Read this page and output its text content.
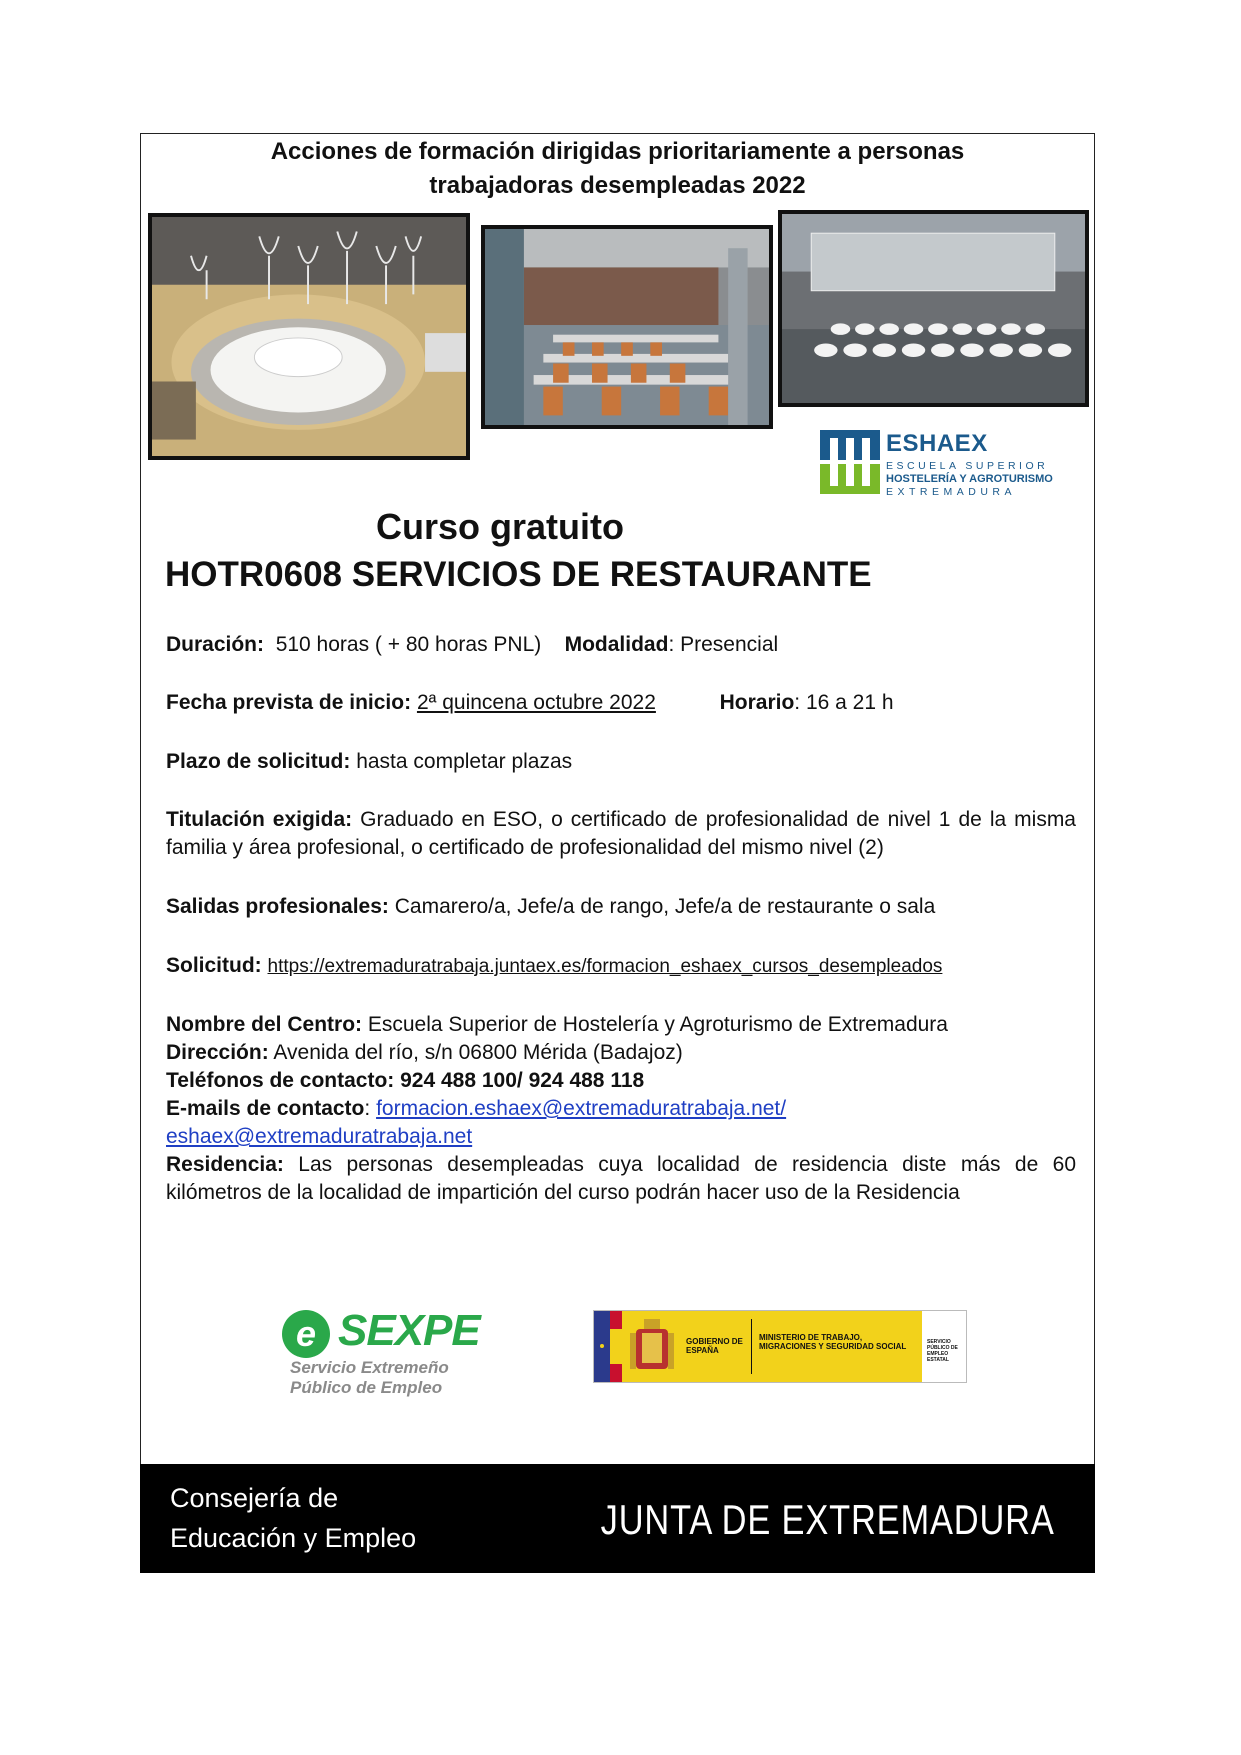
Acciones de formación dirigidas prioritariamente a personas
trabajadoras desempleadas 2022
ESHAEX
ESCUELA SUPERIOR
HOSTELERÍA Y AGROTURISMO
EXTREMADURA
Curso gratuito
HOTR0608 SERVICIOS DE RESTAURANTE
Duración: 510 horas ( + 80 horas PNL) Modalidad: Presencial
Fecha prevista de inicio: 2ª quincena octubre 2022	Horario: 16 a 21 h
Plazo de solicitud: hasta completar plazas
Titulación exigida: Graduado en ESO, o certificado de profesionalidad de nivel 1 de la misma familia y área profesional, o certificado de profesionalidad del mismo nivel (2)
Salidas profesionales: Camarero/a, Jefe/a de rango, Jefe/a de restaurante o sala
Solicitud: https://extremaduratrabaja.juntaex.es/formacion_eshaex_cursos_desempleados
Nombre del Centro: Escuela Superior de Hostelería y Agroturismo de Extremadura
Dirección: Avenida del río, s/n 06800 Mérida (Badajoz)
Teléfonos de contacto: 924 488 100/ 924 488 118
E-mails de contacto: formacion.eshaex@extremaduratrabaja.net/
eshaex@extremaduratrabaja.net
Residencia: Las personas desempleadas cuya localidad de residencia diste más de 60 kilómetros de la localidad de impartición del curso podrán hacer uso de la Residencia
e SEXPE
Servicio Extremeño
Público de Empleo
GOBIERNO DE ESPAÑA
MINISTERIO DE TRABAJO, MIGRACIONES Y SEGURIDAD SOCIAL	SERVICIO PÚBLICO DE EMPLEO ESTATAL
Consejería de
Educación y Empleo	JUNTA DE EXTREMADURA
